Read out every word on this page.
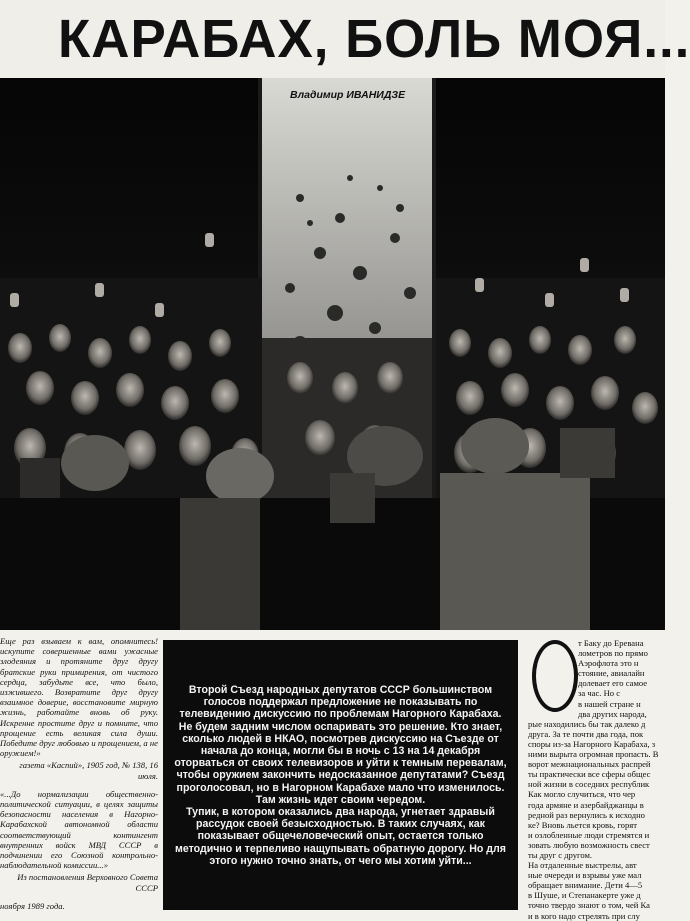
КАРАБАХ, БОЛЬ МОЯ...
Владимир ИВАНИДЗЕ

Еще раз взываем к вам, опомнитесь! искупите совершенные вами ужасные злодеяния и протяните друг другу братские руки примирения, от чистого сердца, забудьте все, что было, изжившего. Возвратите друг другу взаимное доверие, восстановите мирную жизнь, работайте вновь об руку. Искренне простите друг и помните, что прощение есть великая сила души. Победите друг любовью и прощением, а не оружием!»

газета «Каспий», 1905 год, № 138, 16 июля.

«...До нормализации общественно-политической ситуации, в целях защиты безопасности населения в Нагорно-Карабахской автономной области соответствующий контингент внутренних войск МВД СССР в подчинении его Союзной контрольно-наблюдательной комиссии...»

Из постановления Верховного Совета СССР

ноября 1989 года.

Второй Съезд народных депутатов СССР большинством голосов поддержал предложение не показывать по телевидению дискуссию по проблемам Нагорного Карабаха.

Не будем задним числом оспаривать это решение. Кто знает, сколько людей в НКАО, посмотрев дискуссию на Съезде от начала до конца, могли бы в ночь с 13 на 14 декабря оторваться от своих телевизоров и уйти к темным перевалам, чтобы оружием закончить недосказанное депутатами? Съезд проголосовал, но в Нагорном Карабахе мало что изменилось. Там жизнь идет своим чередом.

Тупик, в котором оказались два народа, угнетает здравый рассудок своей безысходностью. В таких случаях, как показывает общечеловеческий опыт, остается только методично и терпеливо нащупывать обратную дорогу. Но для этого нужно точно знать, от чего мы хотим уйти...

т Баку до Еревана
лометров по прямо
Аэрофлота это н
стояние, авиалайн
долевает его самое
за час. Но с
в нашей стране н
два других народа,
рые находились бы так далеко д
друга. За те почти два года, пок
споры из-за Нагорного Карабаха, з
ними вырыта огромная пропасть. В
ворот межнациональных распрей
ты практически все сферы общес
ной жизни в соседних республик
Как могло случиться, что чер
года армяне и азербайджанцы в
редной раз вернулись к исходно
ке? Вновь льется кровь, горят
и озлобленные люди стремятся и
зовать любую возможность свест
ты друг с другом.
На отдаленные выстрелы, авт
ные очереди и взрывы уже мал
обращает внимание. Дети 4—5
в Шуше, и Степанакерте уже д
точно твердо знают о том, чей Ка
и в кого надо стрелять при слу
